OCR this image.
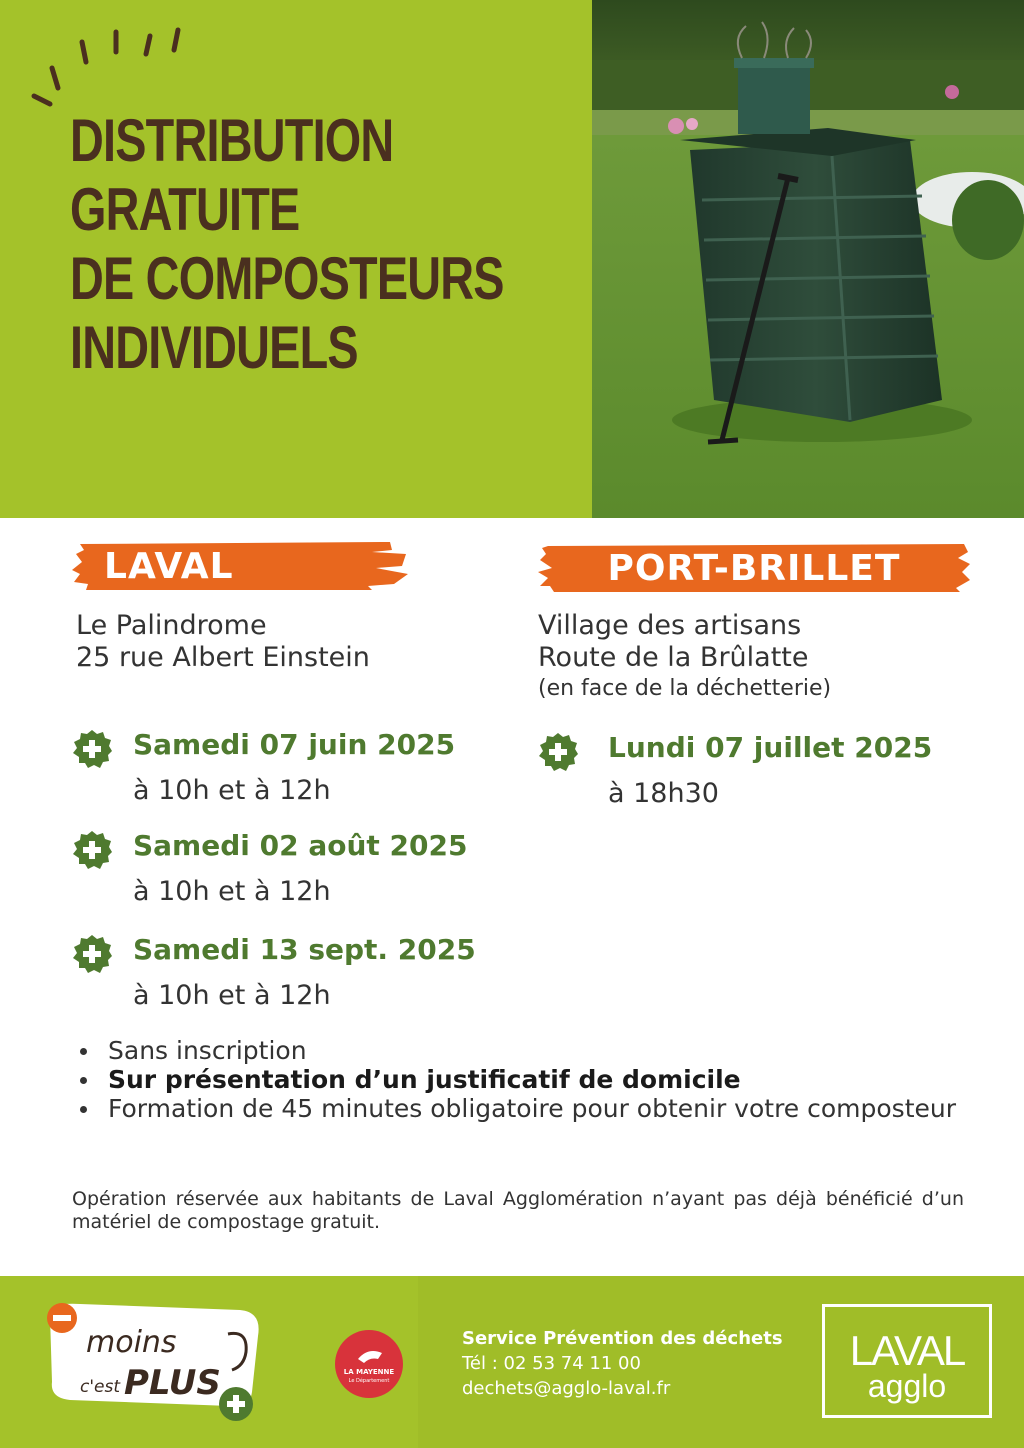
DISTRIBUTION
GRATUITE
DE COMPOSTEURS
INDIVIDUELS
LAVAL
Le Palindrome
25 rue Albert Einstein
Samedi 07 juin 2025
à 10h et à 12h
Samedi 02 août 2025
à 10h et à 12h
Samedi 13 sept. 2025
à 10h et à 12h
PORT-BRILLET
Village des artisans
Route de la Brûlatte
(en face de la déchetterie)
Lundi 07 juillet 2025
à 18h30
Sans inscription
Sur présentation d’un justificatif de domicile
Formation de 45 minutes obligatoire pour obtenir votre composteur

Opération réservée aux habitants de Laval Agglomération n’ayant pas déjà bénéficié d’un matériel de compostage gratuit.

moins
c'est PLUS	LA MAYENNE
Le Département
Service Prévention des déchets
Tél : 02 53 74 11 00
dechets@agglo-laval.fr
LAVAL
agglo
